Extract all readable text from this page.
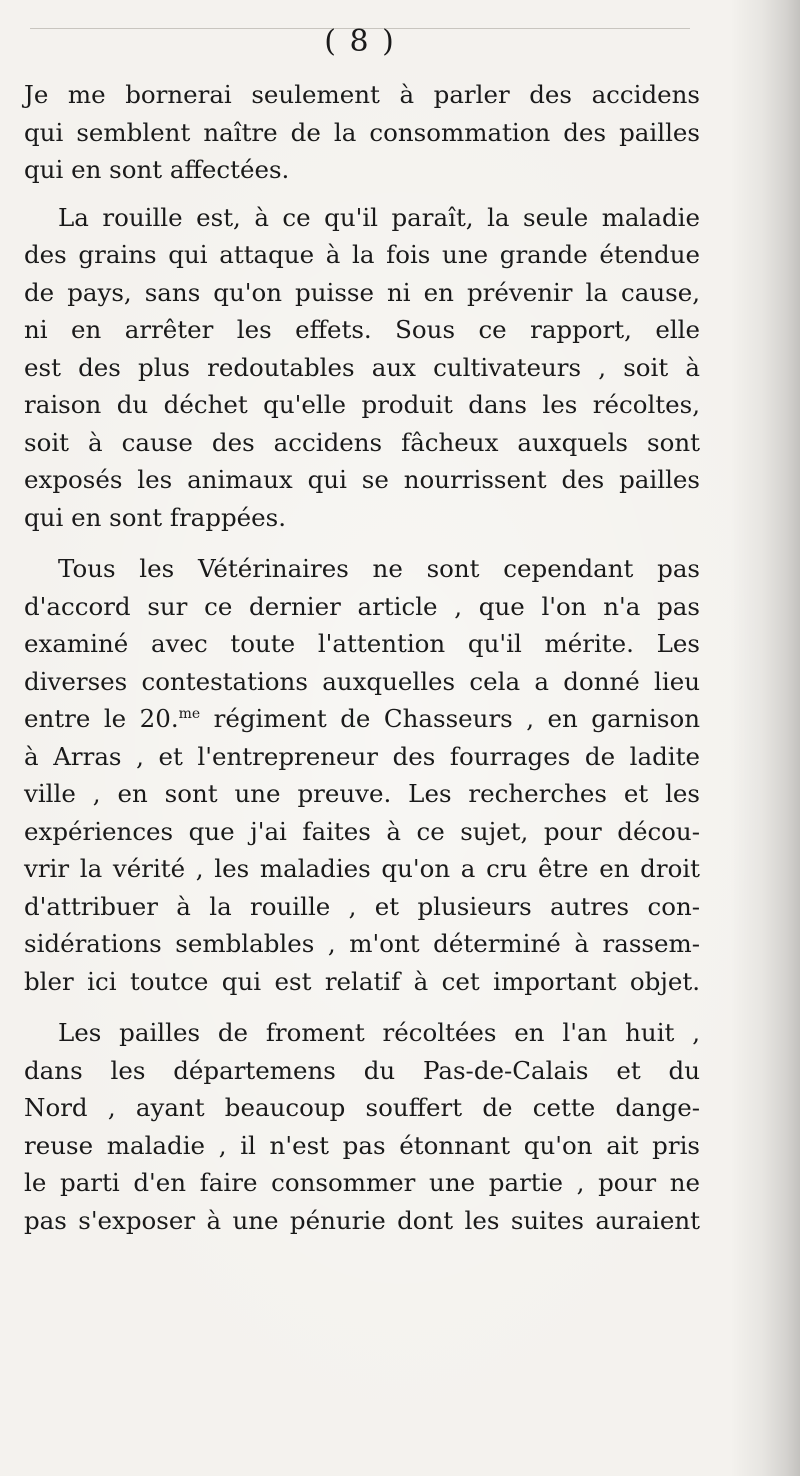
( 8 )

Je me bornerai seulement à parler des accidens
qui semblent naître de la consommation des pailles
qui en sont affectées.

La rouille est, à ce qu'il paraît, la seule maladie
des grains qui attaque à la fois une grande étendue
de pays, sans qu'on puisse ni en prévenir la cause,
ni en arrêter les effets. Sous ce rapport, elle
est des plus redoutables aux cultivateurs , soit à
raison du déchet qu'elle produit dans les récoltes,
soit à cause des accidens fâcheux auxquels sont
exposés les animaux qui se nourrissent des pailles
qui en sont frappées.

Tous les Vétérinaires ne sont cependant pas
d'accord sur ce dernier article , que l'on n'a pas
examiné avec toute l'attention qu'il mérite. Les
diverses contestations auxquelles cela a donné lieu
entre le 20.$^{me}$ régiment de Chasseurs , en garnison
à Arras , et l'entrepreneur des fourrages de ladite
ville , en sont une preuve. Les recherches et les
expériences que j'ai faites à ce sujet, pour décou-
vrir la vérité , les maladies qu'on a cru être en droit
d'attribuer à la rouille , et plusieurs autres con-
sidérations semblables , m'ont déterminé à rassem-
bler ici toutce qui est relatif à cet important objet.

Les pailles de froment récoltées en l'an huit ,
dans les départemens du Pas-de-Calais et du
Nord , ayant beaucoup souffert de cette dange-
reuse maladie , il n'est pas étonnant qu'on ait pris
le parti d'en faire consommer une partie , pour ne
pas s'exposer à une pénurie dont les suites auraient
